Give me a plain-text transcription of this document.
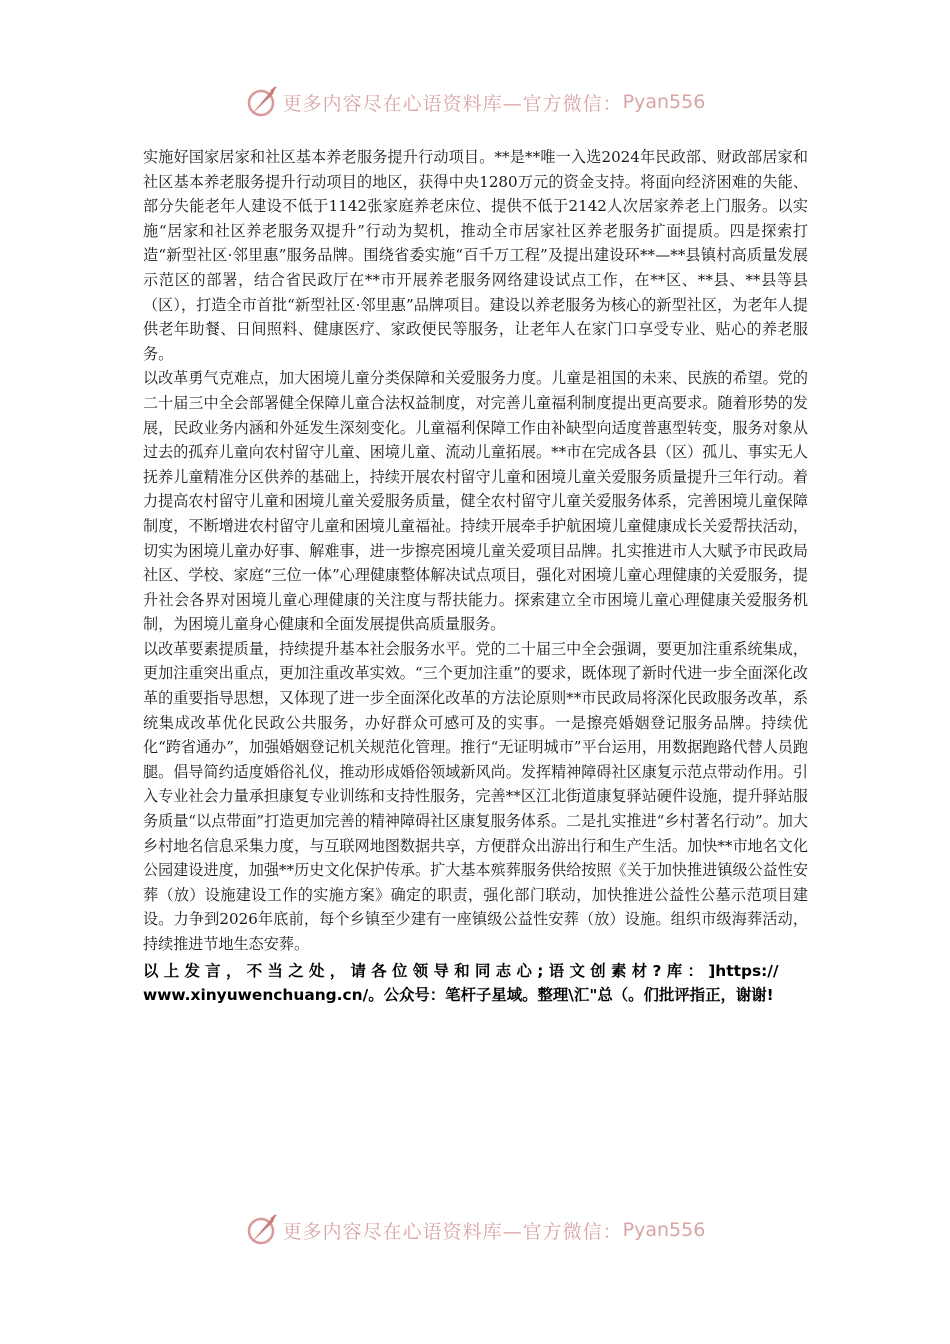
更多内容尽在心语资料库—官方微信： Pyan556

实施好国家居家和社区基本养老服务提升行动项目。**是**唯一入选2024年民政部、财政部居家和社区基本养老服务提升行动项目的地区，获得中央1280万元的资金支持。将面向经济困难的失能、部分失能老年人建设不低于1142张家庭养老床位、提供不低于2142人次居家养老上门服务。以实施“居家和社区养老服务双提升”行动为契机，推动全市居家社区养老服务扩面提质。四是探索打造“新型社区·邻里惠”服务品牌。围绕省委实施“百千万工程”及提出建设环**—**县镇村高质量发展示范区的部署，结合省民政厅在**市开展养老服务网络建设试点工作，在**区、**县、**县等县（区），打造全市首批“新型社区·邻里惠”品牌项目。建设以养老服务为核心的新型社区，为老年人提供老年助餐、日间照料、健康医疗、家政便民等服务，让老年人在家门口享受专业、贴心的养老服务。

以改革勇气克难点，加大困境儿童分类保障和关爱服务力度。儿童是祖国的未来、民族的希望。党的二十届三中全会部署健全保障儿童合法权益制度，对完善儿童福利制度提出更高要求。随着形势的发展，民政业务内涵和外延发生深刻变化。儿童福利保障工作由补缺型向适度普惠型转变，服务对象从过去的孤弃儿童向农村留守儿童、困境儿童、流动儿童拓展。**市在完成各县（区）孤儿、事实无人抚养儿童精准分区供养的基础上，持续开展农村留守儿童和困境儿童关爱服务质量提升三年行动。着力提高农村留守儿童和困境儿童关爱服务质量，健全农村留守儿童关爱服务体系，完善困境儿童保障制度，不断增进农村留守儿童和困境儿童福祉。持续开展牵手护航困境儿童健康成长关爱帮扶活动，切实为困境儿童办好事、解难事，进一步擦亮困境儿童关爱项目品牌。扎实推进市人大赋予市民政局社区、学校、家庭“三位一体”心理健康整体解决试点项目，强化对困境儿童心理健康的关爱服务，提升社会各界对困境儿童心理健康的关注度与帮扶能力。探索建立全市困境儿童心理健康关爱服务机制，为困境儿童身心健康和全面发展提供高质量服务。

以改革要素提质量，持续提升基本社会服务水平。党的二十届三中全会强调，要更加注重系统集成，更加注重突出重点，更加注重改革实效。“三个更加注重”的要求，既体现了新时代进一步全面深化改革的重要指导思想，又体现了进一步全面深化改革的方法论原则**市民政局将深化民政服务改革，系统集成改革优化民政公共服务，办好群众可感可及的实事。一是擦亮婚姻登记服务品牌。持续优化“跨省通办”，加强婚姻登记机关规范化管理。推行“无证明城市”平台运用，用数据跑路代替人员跑腿。倡导简约适度婚俗礼仪，推动形成婚俗领域新风尚。发挥精神障碍社区康复示范点带动作用。引入专业社会力量承担康复专业训练和支持性服务，完善**区江北街道康复驿站硬件设施，提升驿站服务质量“以点带面”打造更加完善的精神障碍社区康复服务体系。二是扎实推进“乡村著名行动”。加大乡村地名信息采集力度，与互联网地图数据共享，方便群众出游出行和生产生活。加快**市地名文化公园建设进度，加强**历史文化保护传承。扩大基本殡葬服务供给按照《关于加快推进镇级公益性安葬（放）设施建设工作的实施方案》确定的职责，强化部门联动，加快推进公益性公墓示范项目建设。力争到2026年底前，每个乡镇至少建有一座镇级公益性安葬（放）设施。组织市级海葬活动，持续推进节地生态安葬。

以 上 发 言 ， 不 当 之 处 ， 请 各 位 领 导 和 同 志 心 ; 语 文 创 素 材 ? 库 ： ]https://
www.xinyuwenchuang.cn/。公众号：笔杆子星域。整理\汇"总（。们批评指正，谢谢!

更多内容尽在心语资料库—官方微信： Pyan556
